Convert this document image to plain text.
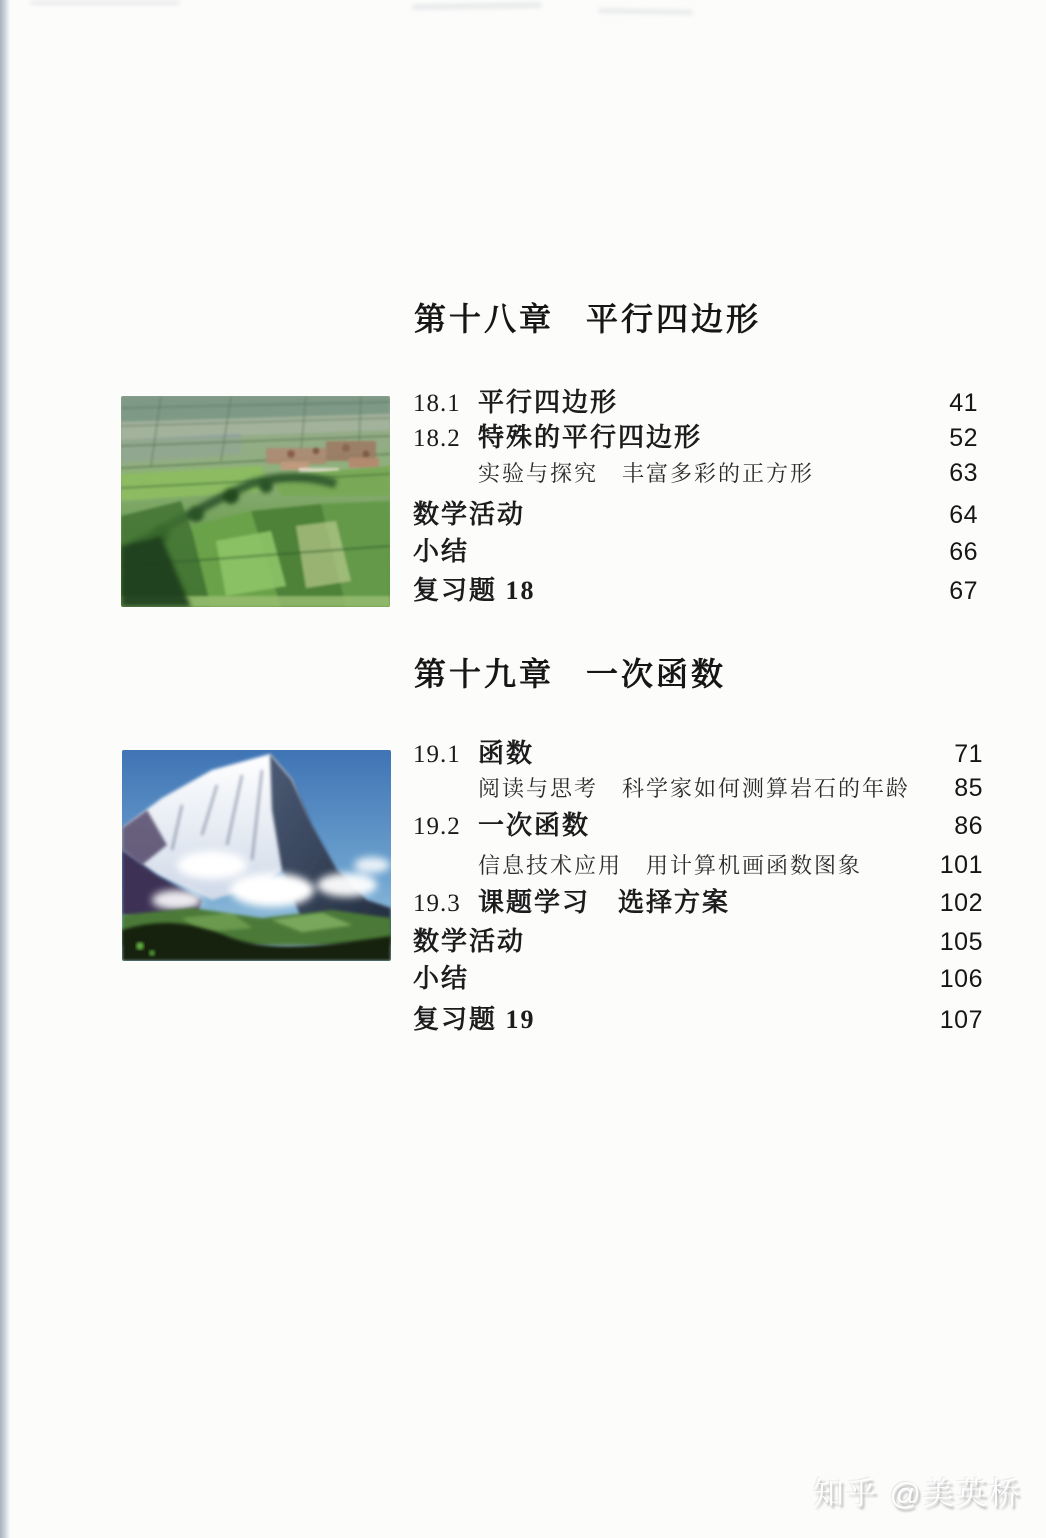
第十八章 平行四边形
18.1 平行四边形	41
18.2 特殊的平行四边形	52
实验与探究　丰富多彩的正方形	63
数学活动	64
小结	66
复习题 18	67
第十九章 一次函数
19.1 函数	71
阅读与思考　科学家如何测算岩石的年龄	85
19.2 一次函数	86
信息技术应用　用计算机画函数图象	101
19.3 课题学习　选择方案	102
数学活动	105
小结	106
复习题 19	107
知乎 @美英桥
